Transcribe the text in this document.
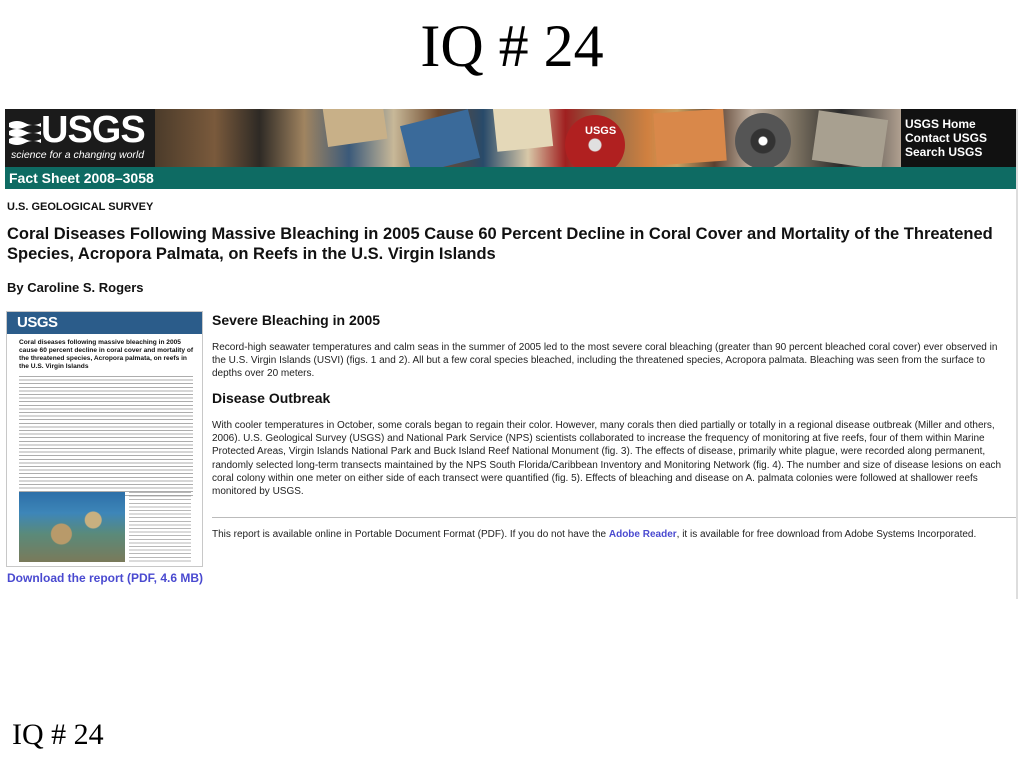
IQ # 24
USGS
science for a changing world
USGS	USGS Home
Contact USGS
Search USGS
Fact Sheet 2008–3058
U.S. GEOLOGICAL SURVEY
Coral Diseases Following Massive Bleaching in 2005 Cause 60 Percent Decline in Coral Cover and Mortality of the Threatened Species, Acropora Palmata, on Reefs in the U.S. Virgin Islands
By Caroline S. Rogers
USGS
Coral diseases following massive bleaching in 2005 cause 60 percent decline in coral cover and mortality of the threatened species, Acropora palmata, on reefs in the U.S. Virgin Islands
Download the report (PDF, 4.6 MB)
Severe Bleaching in 2005
Record-high seawater temperatures and calm seas in the summer of 2005 led to the most severe coral bleaching (greater than 90 percent bleached coral cover) ever observed in the U.S. Virgin Islands (USVI) (figs. 1 and 2). All but a few coral species bleached, including the threatened species, Acropora palmata. Bleaching was seen from the surface to depths over 20 meters.
Disease Outbreak
With cooler temperatures in October, some corals began to regain their color. However, many corals then died partially or totally in a regional disease outbreak (Miller and others, 2006). U.S. Geological Survey (USGS) and National Park Service (NPS) scientists collaborated to increase the frequency of monitoring at five reefs, four of them within Marine Protected Areas, Virgin Islands National Park and Buck Island Reef National Monument (fig. 3). The effects of disease, primarily white plague, were recorded along permanent, randomly selected long-term transects maintained by the NPS South Florida/Caribbean Inventory and Monitoring Network (fig. 4). The number and size of disease lesions on each coral colony within one meter on either side of each transect were quantified (fig. 5). Effects of bleaching and disease on A. palmata colonies were followed at shallower reefs monitored by USGS.
This report is available online in Portable Document Format (PDF). If you do not have the Adobe Reader, it is available for free download from Adobe Systems Incorporated.
IQ # 24
